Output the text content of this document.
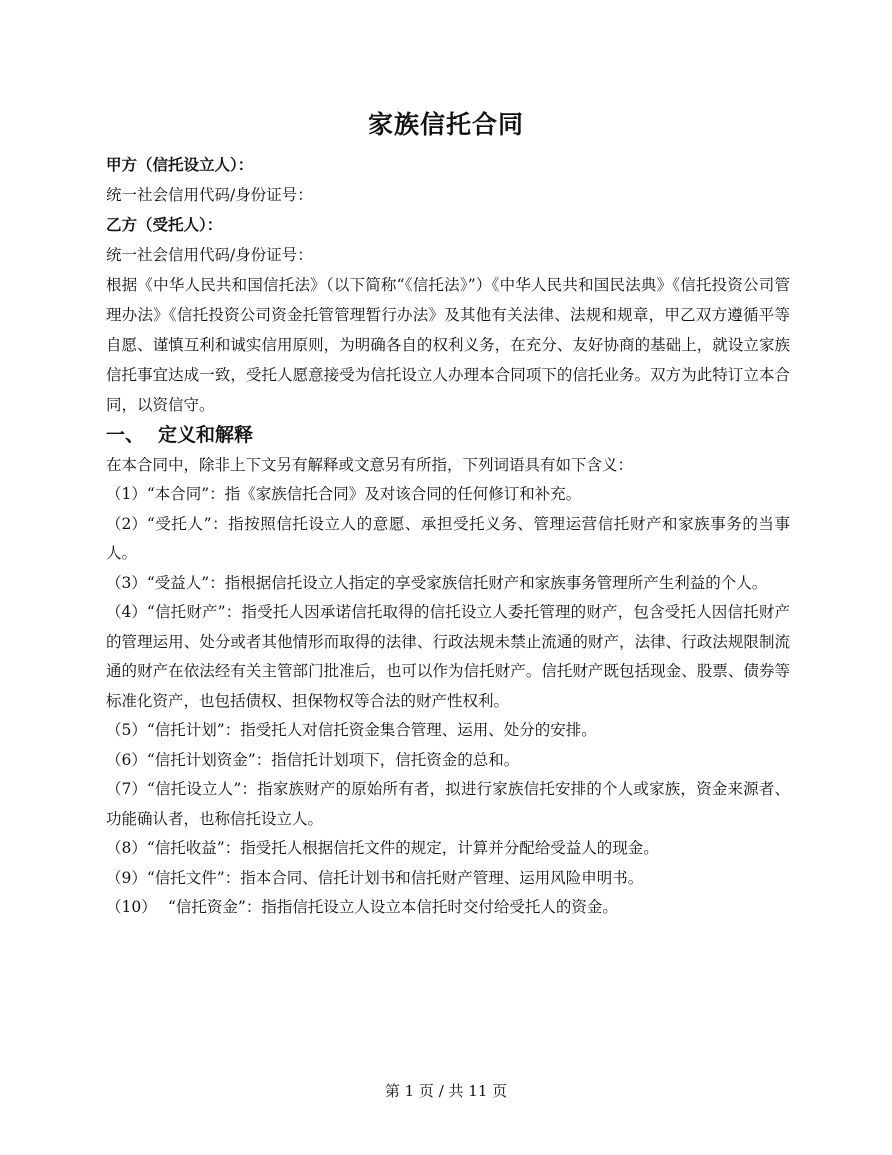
家族信托合同
甲方（信托设立人）：
统一社会信用代码/身份证号：
乙方（受托人）：
统一社会信用代码/身份证号：
根据《中华人民共和国信托法》（以下简称“《信托法》”）《中华人民共和国民法典》《信托投资公司管理办法》《信托投资公司资金托管管理暂行办法》及其他有关法律、法规和规章，甲乙双方遵循平等自愿、谨慎互利和诚实信用原则，为明确各自的权利义务，在充分、友好协商的基础上，就设立家族信托事宜达成一致，受托人愿意接受为信托设立人办理本合同项下的信托业务。双方为此特订立本合同，以资信守。
一、 定义和解释
在本合同中，除非上下文另有解释或文意另有所指，下列词语具有如下含义：
（1）“本合同”：指《家族信托合同》及对该合同的任何修订和补充。
（2）“受托人”：指按照信托设立人的意愿、承担受托义务、管理运营信托财产和家族事务的当事人。
（3）“受益人”：指根据信托设立人指定的享受家族信托财产和家族事务管理所产生利益的个人。
（4）“信托财产”：指受托人因承诺信托取得的信托设立人委托管理的财产，包含受托人因信托财产的管理运用、处分或者其他情形而取得的法律、行政法规未禁止流通的财产，法律、行政法规限制流通的财产在依法经有关主管部门批准后，也可以作为信托财产。信托财产既包括现金、股票、债券等标准化资产，也包括债权、担保物权等合法的财产性权利。
（5）“信托计划”：指受托人对信托资金集合管理、运用、处分的安排。
（6）“信托计划资金”：指信托计划项下，信托资金的总和。
（7）“信托设立人”：指家族财产的原始所有者，拟进行家族信托安排的个人或家族，资金来源者、功能确认者，也称信托设立人。
（8）“信托收益”：指受托人根据信托文件的规定，计算并分配给受益人的现金。
（9）“信托文件”：指本合同、信托计划书和信托财产管理、运用风险申明书。
（10） “信托资金”：指指信托设立人设立本信托时交付给受托人的资金。
第 1 页 / 共 11 页
